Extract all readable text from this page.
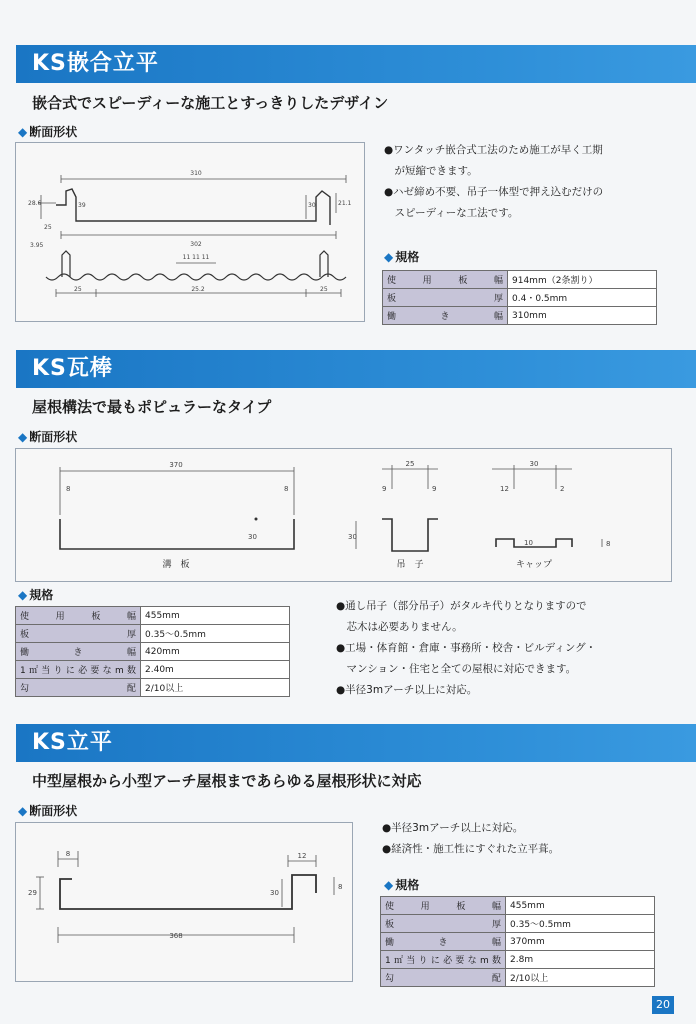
KS嵌合立平
嵌合式でスピーディーな施工とすっきりしたデザイン
◆ 断面形状
310
302
28.6	39
25
30	21.1
3.95
11 11 11
25	25.2	25

●ワンタッチ嵌合式工法のため施工が早く工期

　が短縮できます。

●ハゼ締め不要、吊子一体型で押え込むだけの

　スピーディーな工法です。

◆ 規格
使用板幅	914mm（2条割り）
板厚	0.4・0.5mm
働き幅	310mm
KS瓦棒
屋根構法で最もポピュラーなタイプ
◆ 断面形状
370
8	8
30
25
9	9
30
30
12	2
10	8
溝　板	吊　子	キャップ
◆ 規格
使用板幅	455mm
板厚	0.35～0.5mm
働き幅	420mm
1㎡当りに必要なm数	2.40m
勾配	2/10以上

●通し吊子（部分吊子）がタルキ代りとなりますので

　芯木は必要ありません。

●工場・体育館・倉庫・事務所・校舎・ビルディング・

　マンション・住宅と全ての屋根に対応できます。

●半径3mアーチ以上に対応。

KS立平
中型屋根から小型アーチ屋根まであらゆる屋根形状に対応
◆ 断面形状
8
29
368
12
30
8

●半径3mアーチ以上に対応。

●経済性・施工性にすぐれた立平葺。

◆ 規格
使用板幅	455mm
板厚	0.35～0.5mm
働き幅	370mm
1㎡当りに必要なm数	2.8m
勾配	2/10以上
20
